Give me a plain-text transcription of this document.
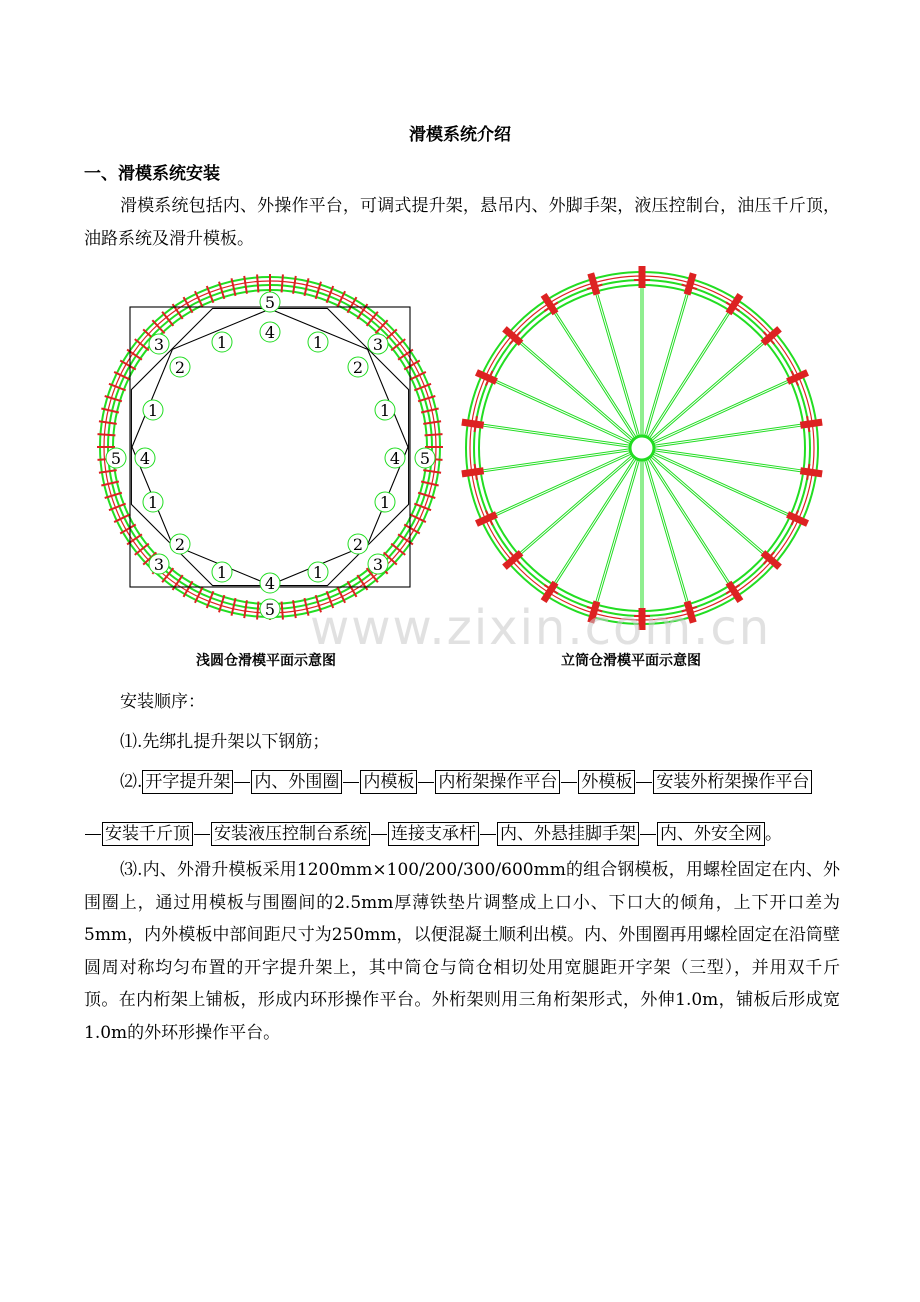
滑模系统介绍
一、滑模系统安装
滑模系统包括内、外操作平台，可调式提升架，悬吊内、外脚手架，液压控制台，油压千斤顶，油路系统及滑升模板。
5
4
3	1	1	3
2	2
1	1
5 4	4 5
1	1
2	2
3	1
4
1	3
5
浅圆仓滑模平面示意图	立筒仓滑模平面示意图
www.zixin.com.cn
安装顺序：
⑴.先绑扎提升架以下钢筋；
⑵. 开字提升架 内、外围圈 内模板 内桁架操作平台 外模板 安装外桁架操作平台
安装千斤顶 安装液压控制台系统 连接支承杆 内、外悬挂脚手架 内、外安全网 。
⑶.内、外滑升模板采用1200mm×100/200/300/600mm的组合钢模板，用螺栓固定在内、外围圈上，通过用模板与围圈间的2.5mm厚薄铁垫片调整成上口小、下口大的倾角，上下开口差为5mm，内外模板中部间距尺寸为250mm，以便混凝土顺利出模。内、外围圈再用螺栓固定在沿筒壁圆周对称均匀布置的开字提升架上，其中筒仓与筒仓相切处用宽腿距开字架（三型），并用双千斤顶。在内桁架上铺板，形成内环形操作平台。外桁架则用三角桁架形式，外伸1.0m，铺板后形成宽1.0m的外环形操作平台。
